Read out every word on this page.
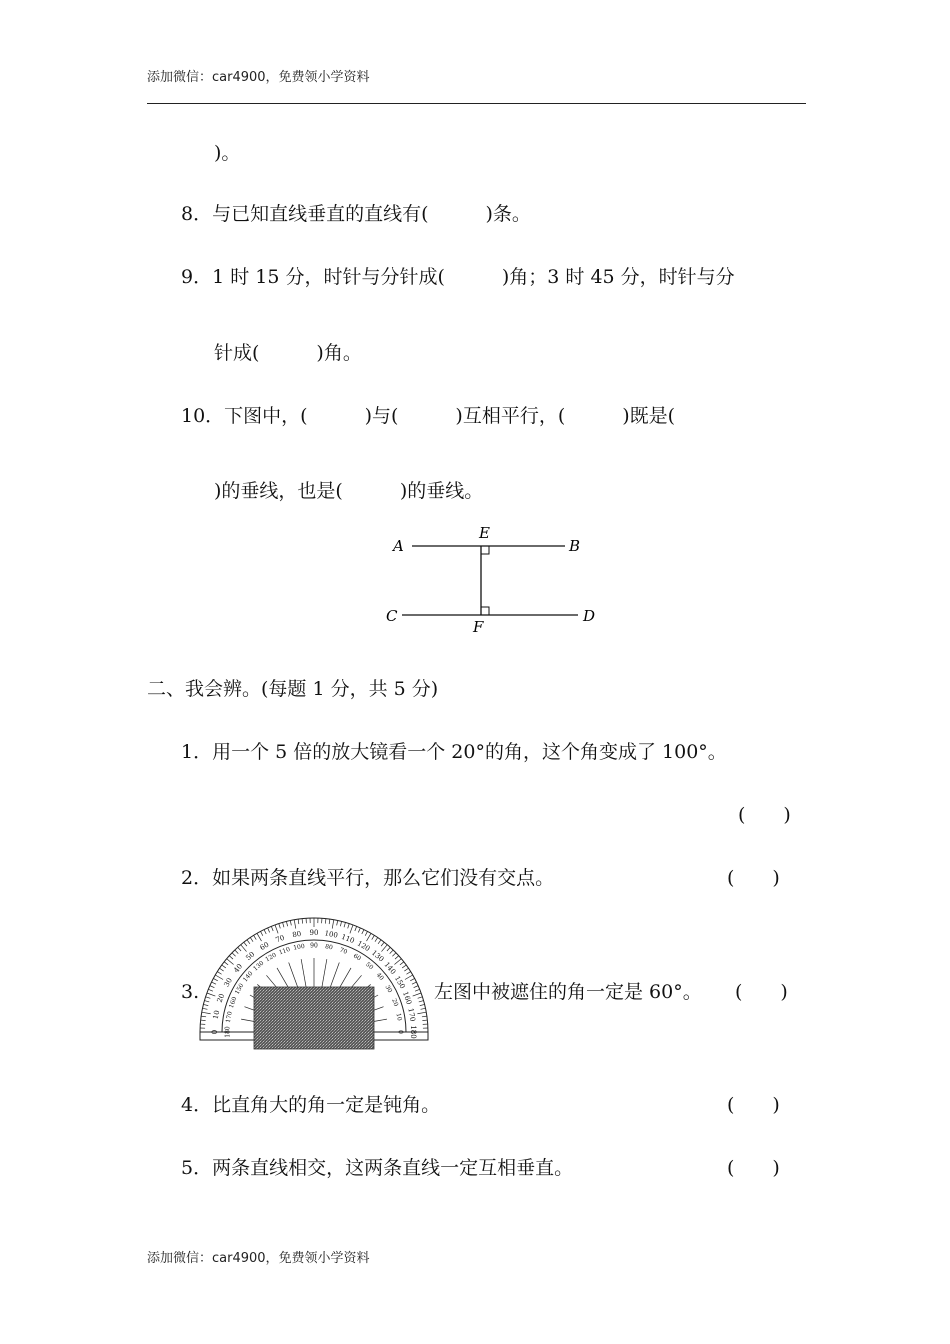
添加微信：car4900，免费领小学资料
)。
8．与已知直线垂直的直线有(　　　)条。
9．1 时 15 分，时针与分针成(　　　)角；3 时 45 分，时针与分
针成(　　　)角。
10．下图中，(　　　)与(　　　)互相平行，(　　　)既是(
)的垂线，也是(　　　)的垂线。
A	B
C	D
E
F
二、我会辨。(每题 1 分，共 5 分)
1．用一个 5 倍的放大镜看一个 20°的角，这个角变成了 100°。
(　　)
2．如果两条直线平行，那么它们没有交点。	(　　)
3.
0
10
20
30
40
50
60
70 80 90 100 110
120
130
140
150
160
170
180
180
170
160
150
140
130
120
110 100 90 80 70
60
50
40
30
20
10
0
左图中被遮住的角一定是 60°。 (　　)
4．比直角大的角一定是钝角。	(　　)
5．两条直线相交，这两条直线一定互相垂直。	(　　)
添加微信：car4900，免费领小学资料
